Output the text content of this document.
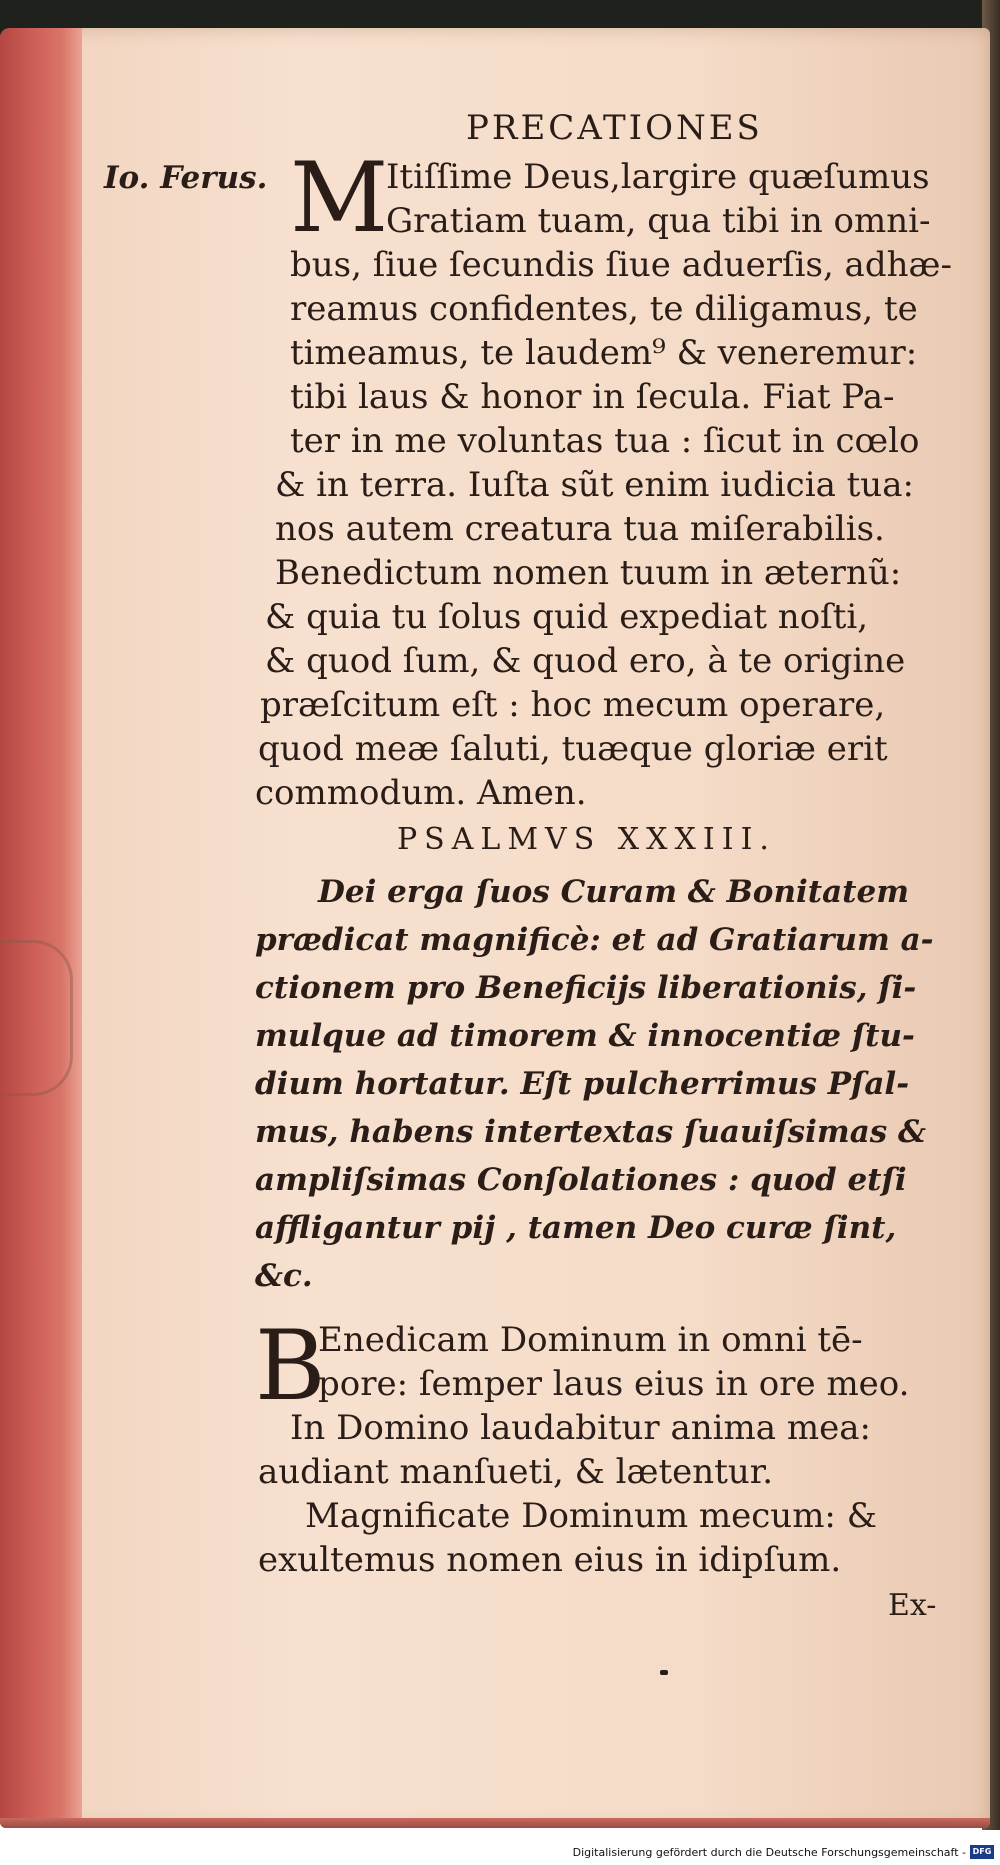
PRECATIONES
Io. Ferus. M
Itiſſime Deus,largire quæſumus
Gratiam tuam, qua tibi in omni-
bus, ſiue ſecundis ſiue aduerſis, adhæ-
reamus confidentes, te diligamus, te
timeamus, te laudem⁹ & veneremur:
tibi laus & honor in ſecula. Fiat Pa-
ter in me voluntas tua : ſicut in cœlo
& in terra. Iuſta sũt enim iudicia tua:
nos autem creatura tua miſerabilis.
Benedictum nomen tuum in æternũ:
& quia tu ſolus quid expediat noſti,
& quod ſum, & quod ero, à te origine
præſcitum eſt : hoc mecum operare,
quod meæ ſaluti, tuæque gloriæ erit
commodum. Amen.
PSALMVS XXXIII.
Dei erga ſuos Curam & Bonitatem
prædicat magnificè: et ad Gratiarum a-
ctionem pro Beneficijs liberationis, ſi-
mulque ad timorem & innocentiæ ſtu-
dium hortatur. Eſt pulcherrimus Pſal-
mus, habens intertextas ſuauiſsimas &
ampliſsimas Conſolationes : quod etſi
affligantur pij , tamen Deo curæ ſint,
&c.
B
Enedicam Dominum in omni tē-
pore: ſemper laus eius in ore meo.
In Domino laudabitur anima mea:
audiant manſueti, & lætentur.
Magnificate Dominum mecum: &
exultemus nomen eius in idipſum.
Ex-
Digitalisierung gefördert durch die Deutsche Forschungsgemeinschaft - DFG
